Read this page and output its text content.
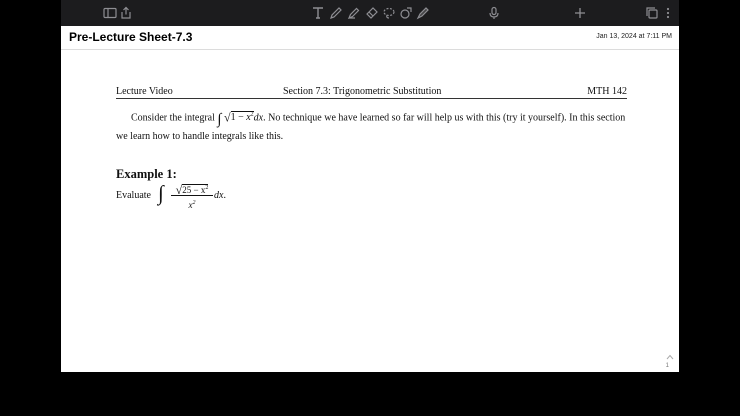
Pre-Lecture Sheet-7.3	Jan 13, 2024 at 7:11 PM
Lecture Video	Section 7.3: Trigonometric Substitution	MTH 142
Consider the integral ∫ $√1 - x^2dx$. No technique we have learned so far will help us with this (try it yourself). In this section we learn how to handle integrals like this.
Example 1:
Evaluate ∫ $√25 - x^2$
$x^2$
dx.
1
